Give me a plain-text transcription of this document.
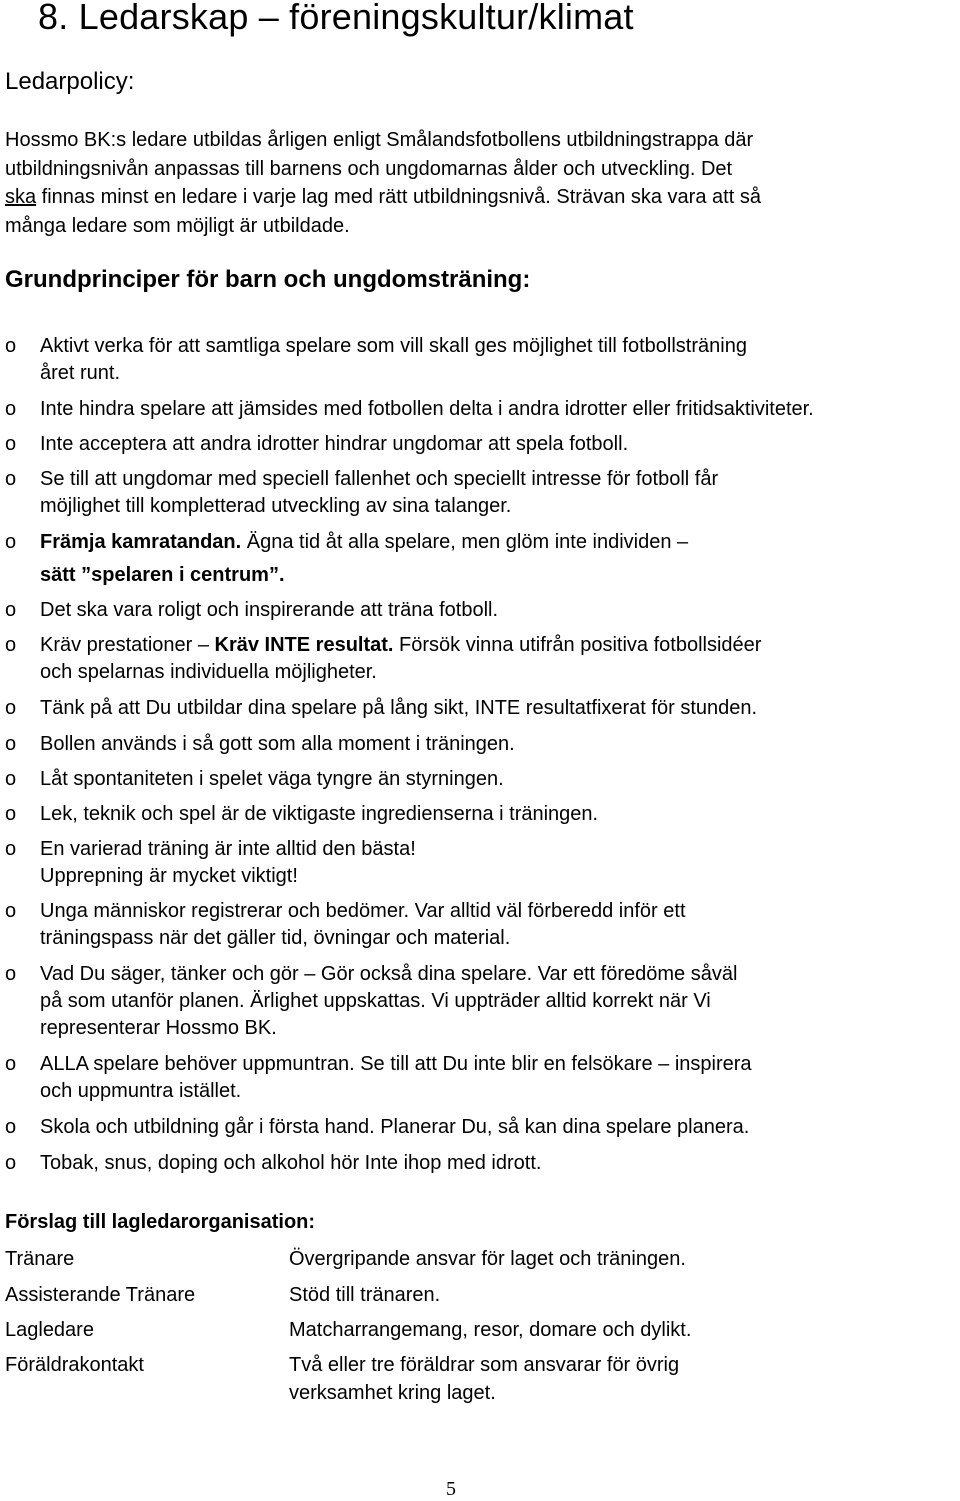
8. Ledarskap – föreningskultur/klimat
Ledarpolicy:

Hossmo BK:s ledare utbildas årligen enligt Smålandsfotbollens utbildningstrappa där
utbildningsnivån anpassas till barnens och ungdomarnas ålder och utveckling. Det
ska finnas minst en ledare i varje lag med rätt utbildningsnivå. Strävan ska vara att så
många ledare som möjligt är utbildade.

Grundprinciper för barn och ungdomsträning:
o Aktivt verka för att samtliga spelare som vill skall ges möjlighet till fotbollsträning
året runt.
o Inte hindra spelare att jämsides med fotbollen delta i andra idrotter eller fritidsaktiviteter.
o Inte acceptera att andra idrotter hindrar ungdomar att spela fotboll.
o Se till att ungdomar med speciell fallenhet och speciellt intresse för fotboll får
möjlighet till kompletterad utveckling av sina talanger.
o Främja kamratandan. Ägna tid åt alla spelare, men glöm inte individen –
sätt ”spelaren i centrum”.
o Det ska vara roligt och inspirerande att träna fotboll.
o Kräv prestationer – Kräv INTE resultat. Försök vinna utifrån positiva fotbollsidéer
och spelarnas individuella möjligheter.
o Tänk på att Du utbildar dina spelare på lång sikt, INTE resultatfixerat för stunden.
o Bollen används i så gott som alla moment i träningen.
o Låt spontaniteten i spelet väga tyngre än styrningen.
o Lek, teknik och spel är de viktigaste ingredienserna i träningen.
o En varierad träning är inte alltid den bästa!
Upprepning är mycket viktigt!
o Unga människor registrerar och bedömer. Var alltid väl förberedd inför ett
träningspass när det gäller tid, övningar och material.
o Vad Du säger, tänker och gör – Gör också dina spelare. Var ett föredöme såväl
på som utanför planen. Ärlighet uppskattas. Vi uppträder alltid korrekt när Vi
representerar Hossmo BK.
o ALLA spelare behöver uppmuntran. Se till att Du inte blir en felsökare – inspirera
och uppmuntra istället.
o Skola och utbildning går i första hand. Planerar Du, så kan dina spelare planera.
o Tobak, snus, doping och alkohol hör Inte ihop med idrott.
Förslag till lagledarorganisation:
Tränare	Övergripande ansvar för laget och träningen.
Assisterande Tränare	Stöd till tränaren.
Lagledare	Matcharrangemang, resor, domare och dylikt.
Föräldrakontakt	Två eller tre föräldrar som ansvarar för övrig
verksamhet kring laget.
5
